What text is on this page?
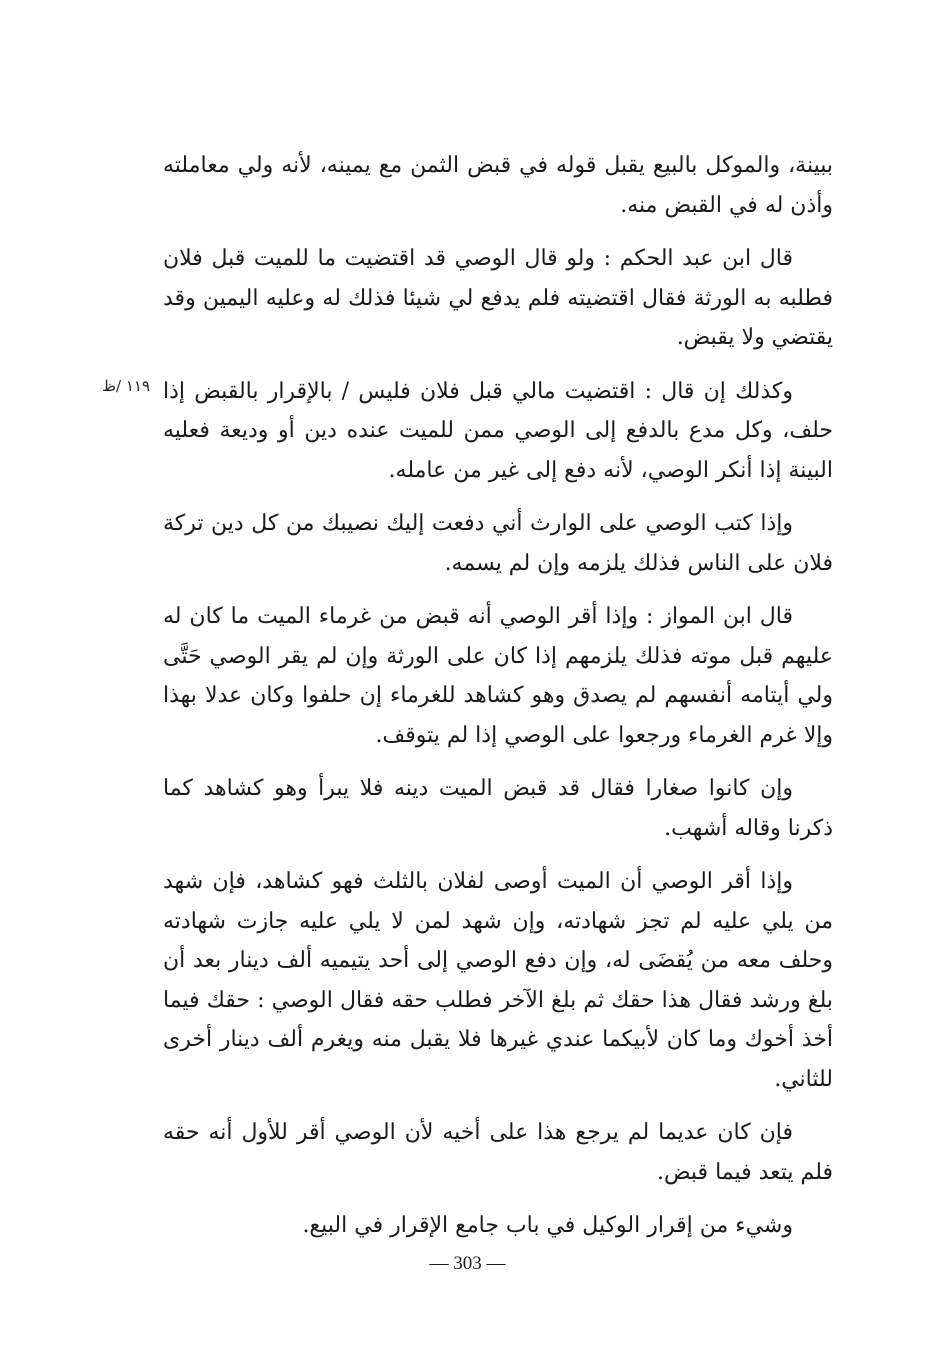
١١٩ /ظ

ببينة، والموكل بالبيع يقبل قوله في قبض الثمن مع يمينه، لأنه ولي معاملته وأذن له في القبض منه.

قال ابن عبد الحكم : ولو قال الوصي قد اقتضيت ما للميت قبل فلان فطلبه به الورثة فقال اقتضيته فلم يدفع لي شيئا فذلك له وعليه اليمين وقد يقتضي ولا يقبض.

وكذلك إن قال : اقتضيت مالي قبل فلان فليس / بالإقرار بالقبض إذا حلف، وكل مدع بالدفع إلى الوصي ممن للميت عنده دين أو وديعة فعليه البينة إذا أنكر الوصي، لأنه دفع إلى غير من عامله.

وإذا كتب الوصي على الوارث أني دفعت إليك نصيبك من كل دين تركة فلان على الناس فذلك يلزمه وإن لم يسمه.

قال ابن المواز : وإذا أقر الوصي أنه قبض من غرماء الميت ما كان له عليهم قبل موته فذلك يلزمهم إذا كان على الورثة وإن لم يقر الوصي حَتَّى ولي أيتامه أنفسهم لم يصدق وهو كشاهد للغرماء إن حلفوا وكان عدلا بهذا وإلا غرم الغرماء ورجعوا على الوصي إذا لم يتوقف.

وإن كانوا صغارا فقال قد قبض الميت دينه فلا يبرأ وهو كشاهد كما ذكرنا وقاله أشهب.

وإذا أقر الوصي أن الميت أوصى لفلان بالثلث فهو كشاهد، فإن شهد من يلي عليه لم تجز شهادته، وإن شهد لمن لا يلي عليه جازت شهادته وحلف معه من يُقضَى له، وإن دفع الوصي إلى أحد يتيميه ألف دينار بعد أن بلغ ورشد فقال هذا حقك ثم بلغ الآخر فطلب حقه فقال الوصي : حقك فيما أخذ أخوك وما كان لأبيكما عندي غيرها فلا يقبل منه ويغرم ألف دينار أخرى للثاني.

فإن كان عديما لم يرجع هذا على أخيه لأن الوصي أقر للأول أنه حقه فلم يتعد فيما قبض.

وشيء من إقرار الوكيل في باب جامع الإقرار في البيع.

— 303 —
